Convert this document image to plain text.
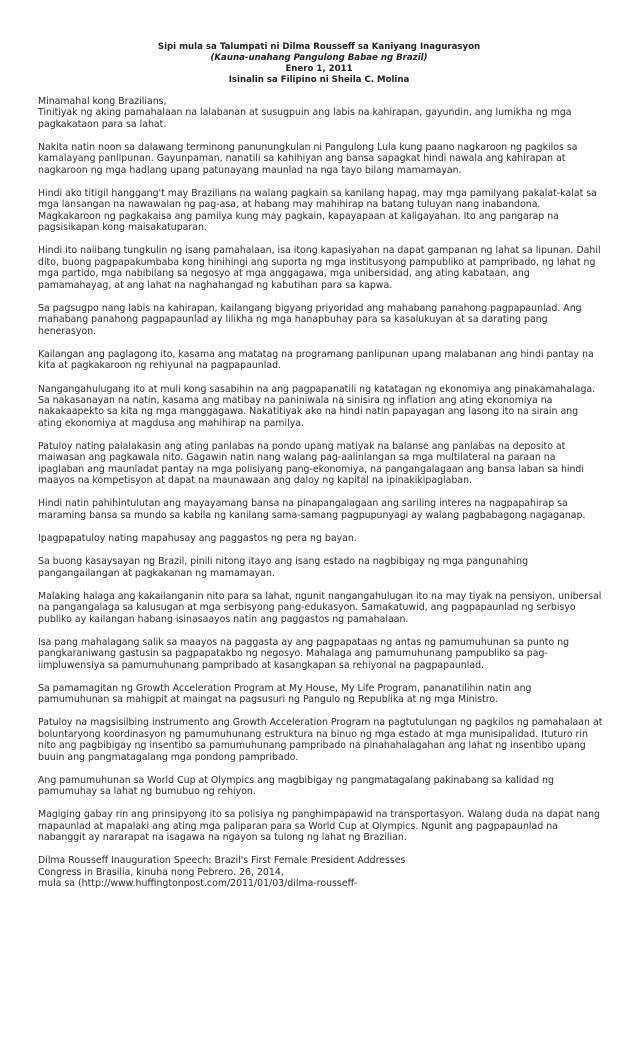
Sipi mula sa Talumpati ni Dilma Rousseff sa Kaniyang Inagurasyon
(Kauna-unahang Pangulong Babae ng Brazil)
Enero 1, 2011
Isinalin sa Filipino ni Sheila C. Molina
Minamahal kong Brazilians,

Tinitiyak ng aking pamahalaan na lalabanan at susugpuin ang labis na kahirapan, gayundin, ang lumikha ng mga pagkakataon para sa lahat.

Nakita natin noon sa dalawang terminong panunungkulan ni Pangulong Lula kung paano nagkaroon ng pagkilos sa kamalayang panlipunan. Gayunpaman, nanatili sa kahihiyan ang bansa sapagkat hindi nawala ang kahirapan at nagkaroon ng mga hadlang upang patunayang maunlad na nga tayo bilang mamamayan.

Hindi ako titigil hanggang't may Brazilians na walang pagkain sa kanilang hapag, may mga pamilyang pakalat-kalat sa mga lansangan na nawawalan ng pag-asa, at habang may mahihirap na batang tuluyan nang inabandona. Magkakaroon ng pagkakaisa ang pamilya kung may pagkain, kapayapaan at kaligayahan. Ito ang pangarap na pagsisikapan kong maisakatuparan.

Hindi ito naiibang tungkulin ng isang pamahalaan, isa itong kapasiyahan na dapat gampanan ng lahat sa lipunan. Dahil dito, buong pagpapakumbaba kong hinihingi ang suporta ng mga institusyong pampubliko at pampribado, ng lahat ng mga partido, mga nabibilang sa negosyo at mga anggagawa, mga unibersidad, ang ating kabataan, ang pamamahayag, at ang lahat na naghahangad ng kabutihan para sa kapwa.

Sa pagsugpo nang labis na kahirapan, kailangang bigyang priyoridad ang mahabang panahong pagpapaunlad. Ang mahabang panahong pagpapaunlad ay lilikha ng mga hanapbuhay para sa kasalukuyan at sa darating pang henerasyon.

Kailangan ang paglagong ito, kasama ang matatag na programang panlipunan upang malabanan ang hindi pantay na kita at pagkakaroon ng rehiyunal na pagpapaunlad.

Nangangahulugang ito at muli kong sasabihin na ang pagpapanatili ng katatagan ng ekonomiya ang pinakamahalaga. Sa nakasanayan na natin, kasama ang matibay na paniniwala na sinisira ng inflation ang ating ekonomiya na nakakaapekto sa kita ng mga manggagawa. Nakatitiyak ako na hindi natin papayagan ang lasong ito na sirain ang ating ekonomiya at magdusa ang mahihirap na pamilya.

Patuloy nating palalakasin ang ating panlabas na pondo upang matiyak na balanse ang panlabas na deposito at maiwasan ang pagkawala nito. Gagawin natin nang walang pag-aalinlangan sa mga multilateral na paraan na ipaglaban ang maunladat pantay na mga polisiyang pang-ekonomiya, na pangangalagaan ang bansa laban sa hindi maayos na kompetisyon at dapat na maunawaan ang daloy ng kapital na ipinakikipaglaban.

Hindi natin pahihintulutan ang mayayamang bansa na pinapangalagaan ang sariling interes na nagpapahirap sa maraming bansa sa mundo sa kabila ng kanilang sama-samang pagpupunyagi ay walang pagbabagong nagaganap.

Ipagpapatuloy nating mapahusay ang paggastos ng pera ng bayan.

Sa buong kasaysayan ng Brazil, pinili nitong itayo ang isang estado na nagbibigay ng mga pangunahing pangangailangan at pagkakanan ng mamamayan.

Malaking halaga ang kakailanganin nito para sa lahat, ngunit nangangahulugan ito na may tiyak na pensiyon, unibersal na pangangalaga sa kalusugan at mga serbisyong pang-edukasyon. Samakatuwid, ang pagpapaunlad ng serbisyo publiko ay kailangan habang isinasaayos natin ang paggastos ng pamahalaan.

Isa pang mahalagang salik sa maayos na paggasta ay ang pagpapataas ng antas ng pamumuhunan sa punto ng pangkaraniwang gastusin sa pagpapatakbo ng negosyo. Mahalaga ang pamumuhunang pampubliko sa pag-iimpluwensiya sa pamumuhunang pampribado at kasangkapan sa rehiyonal na pagpapaunlad.

Sa pamamagitan ng Growth Acceleration Program at My House, My Life Program, pananatilihin natin ang pamumuhunan sa mahigpit at maingat na pagsusuri ng Pangulo ng Republika at ng mga Ministro.

Patuloy na magsisilbing instrumento ang Growth Acceleration Program na pagtutulungan ng pagkilos ng pamahalaan at boluntaryong koordinasyon ng pamumuhunang estruktura na binuo ng mga estado at mga munisipalidad. Ituturo rin nito ang pagbibigay ng insentibo sa pamumuhunang pampribado na pinahahalagahan ang lahat ng insentibo upang buuin ang pangmatagalang mga pondong pampribado.

Ang pamumuhunan sa World Cup at Olympics ang magbibigay ng pangmatagalang pakinabang sa kalidad ng pamumuhay sa lahat ng bumubuo ng rehiyon.

Magiging gabay rin ang prinsipyong ito sa polisiya ng panghimpapawid na transportasyon. Walang duda na dapat nang mapaunlad at mapalaki ang ating mga paliparan para sa World Cup at Olympics. Ngunit ang pagpapaunlad na nabanggit ay nararapat na isagawa na ngayon sa tulong ng lahat ng Brazilian.

Dilma Rousseff Inauguration Speech: Brazil's First Female President Addresses
Congress in Brasilia, kinuha nong Pebrero. 26, 2014,
mula sa (http://www.huffingtonpost.com/2011/01/03/dilma-rousseff-
